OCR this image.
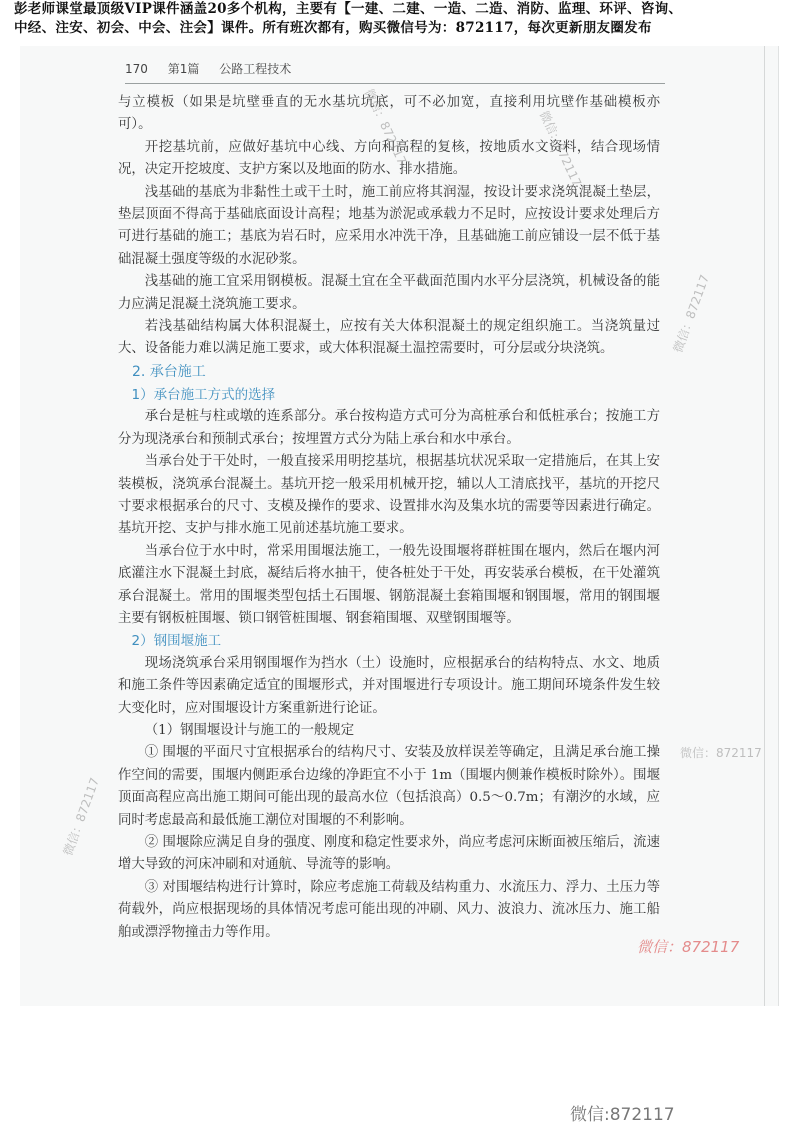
彭老师课堂最顶级VIP课件涵盖20多个机构，主要有【一建、二建、一造、二造、消防、监理、环评、咨询、
中经、注安、初会、中会、注会】课件。所有班次都有，购买微信号为：872117，每次更新朋友圈发布
170 第1篇 公路工程技术

与立模板（如果是坑壁垂直的无水基坑坑底，可不必加宽，直接利用坑壁作基础模板亦可）。

开挖基坑前，应做好基坑中心线、方向和高程的复核，按地质水文资料，结合现场情况，决定开挖坡度、支护方案以及地面的防水、排水措施。

浅基础的基底为非黏性土或干土时，施工前应将其润湿，按设计要求浇筑混凝土垫层，垫层顶面不得高于基础底面设计高程；地基为淤泥或承载力不足时，应按设计要求处理后方可进行基础的施工；基底为岩石时，应采用水冲洗干净，且基础施工前应铺设一层不低于基础混凝土强度等级的水泥砂浆。

浅基础的施工宜采用钢模板。混凝土宜在全平截面范围内水平分层浇筑，机械设备的能力应满足混凝土浇筑施工要求。

若浅基础结构属大体积混凝土，应按有关大体积混凝土的规定组织施工。当浇筑量过大、设备能力难以满足施工要求，或大体积混凝土温控需要时，可分层或分块浇筑。

2. 承台施工
1）承台施工方式的选择

承台是桩与柱或墩的连系部分。承台按构造方式可分为高桩承台和低桩承台；按施工方分为现浇承台和预制式承台；按埋置方式分为陆上承台和水中承台。

当承台处于干处时，一般直接采用明挖基坑，根据基坑状况采取一定措施后，在其上安装模板，浇筑承台混凝土。基坑开挖一般采用机械开挖，辅以人工清底找平，基坑的开挖尺寸要求根据承台的尺寸、支模及操作的要求、设置排水沟及集水坑的需要等因素进行确定。基坑开挖、支护与排水施工见前述基坑施工要求。

当承台位于水中时，常采用围堰法施工，一般先设围堰将群桩围在堰内，然后在堰内河底灌注水下混凝土封底，凝结后将水抽干，使各桩处于干处，再安装承台模板，在干处灌筑承台混凝土。常用的围堰类型包括土石围堰、钢筋混凝土套箱围堰和钢围堰，常用的钢围堰主要有钢板桩围堰、锁口钢管桩围堰、钢套箱围堰、双壁钢围堰等。

2）钢围堰施工

现场浇筑承台采用钢围堰作为挡水（土）设施时，应根据承台的结构特点、水文、地质和施工条件等因素确定适宜的围堰形式，并对围堰进行专项设计。施工期间环境条件发生较大变化时，应对围堰设计方案重新进行论证。

（1）钢围堰设计与施工的一般规定

① 围堰的平面尺寸宜根据承台的结构尺寸、安装及放样误差等确定，且满足承台施工操作空间的需要，围堰内侧距承台边缘的净距宜不小于 1m（围堰内侧兼作模板时除外）。围堰顶面高程应高出施工期间可能出现的最高水位（包括浪高）0.5～0.7m；有潮汐的水域，应同时考虑最高和最低施工潮位对围堰的不利影响。

② 围堰除应满足自身的强度、刚度和稳定性要求外，尚应考虑河床断面被压缩后，流速增大导致的河床冲刷和对通航、导流等的影响。

③ 对围堰结构进行计算时，除应考虑施工荷载及结构重力、水流压力、浮力、土压力等荷载外，尚应根据现场的具体情况考虑可能出现的冲刷、风力、波浪力、流冰压力、施工船舶或漂浮物撞击力等作用。

微信：872117	微信：872117
微信：872117
微信：872117
微信：872117
微信：872117
微信:872117
